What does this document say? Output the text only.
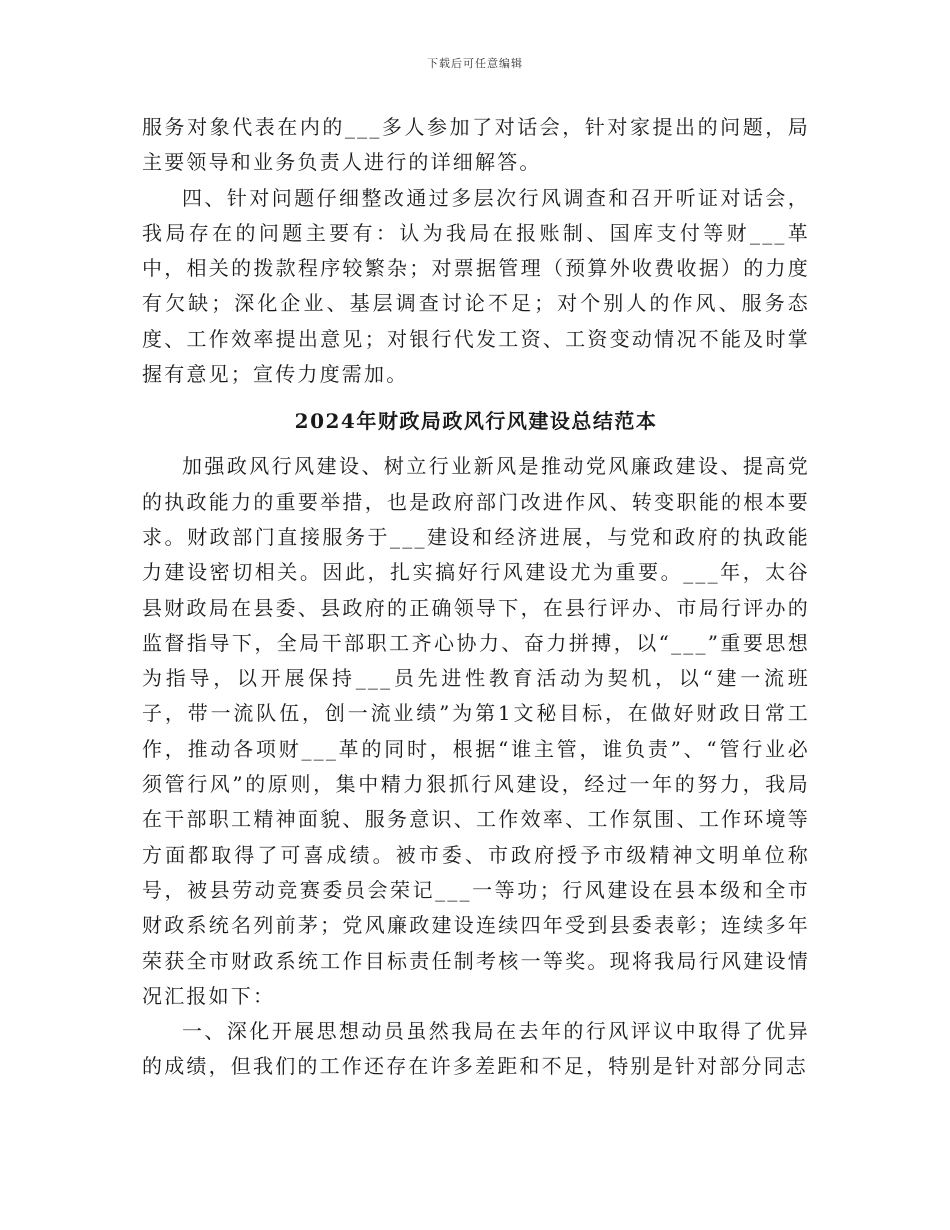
下载后可任意编辑

服务对象代表在内的___多人参加了对话会，针对家提出的问题，局主要领导和业务负责人进行的详细解答。

四、针对问题仔细整改通过多层次行风调查和召开听证对话会，我局存在的问题主要有：认为我局在报账制、国库支付等财___革中，相关的拨款程序较繁杂；对票据管理（预算外收费收据）的力度有欠缺；深化企业、基层调查讨论不足；对个别人的作风、服务态度、工作效率提出意见；对银行代发工资、工资变动情况不能及时掌握有意见；宣传力度需加。

2024年财政局政风行风建设总结范本

加强政风行风建设、树立行业新风是推动党风廉政建设、提高党的执政能力的重要举措，也是政府部门改进作风、转变职能的根本要求。财政部门直接服务于___建设和经济进展，与党和政府的执政能力建设密切相关。因此，扎实搞好行风建设尤为重要。___年，太谷县财政局在县委、县政府的正确领导下，在县行评办、市局行评办的监督指导下，全局干部职工齐心协力、奋力拼搏，以“___”重要思想为指导，以开展保持___员先进性教育活动为契机，以“建一流班子，带一流队伍，创一流业绩”为第1文秘目标，在做好财政日常工作，推动各项财___革的同时，根据“谁主管，谁负责”、“管行业必须管行风”的原则，集中精力狠抓行风建设，经过一年的努力，我局在干部职工精神面貌、服务意识、工作效率、工作氛围、工作环境等方面都取得了可喜成绩。被市委、市政府授予市级精神文明单位称号，被县劳动竞赛委员会荣记___一等功；行风建设在县本级和全市财政系统名列前茅；党风廉政建设连续四年受到县委表彰；连续多年荣获全市财政系统工作目标责任制考核一等奖。现将我局行风建设情况汇报如下：

一、深化开展思想动员虽然我局在去年的行风评议中取得了优异的成绩，但我们的工作还存在许多差距和不足，特别是针对部分同志
